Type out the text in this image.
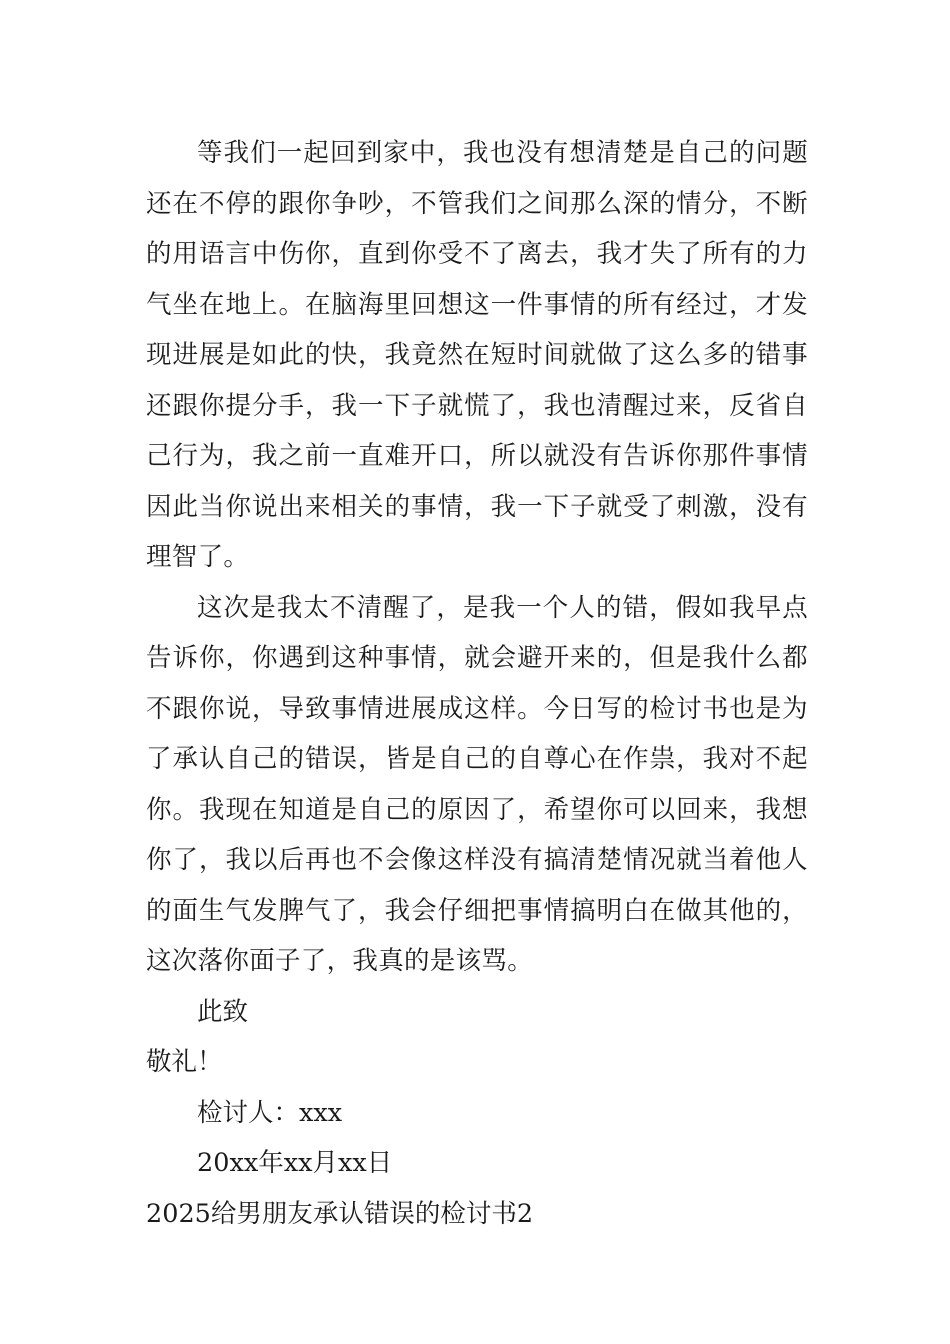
等我们一起回到家中，我也没有想清楚是自己的问题还在不停的跟你争吵，不管我们之间那么深的情分，不断的用语言中伤你，直到你受不了离去，我才失了所有的力气坐在地上。在脑海里回想这一件事情的所有经过，才发现进展是如此的快，我竟然在短时间就做了这么多的错事还跟你提分手，我一下子就慌了，我也清醒过来，反省自己行为，我之前一直难开口，所以就没有告诉你那件事情因此当你说出来相关的事情，我一下子就受了刺激，没有理智了。

这次是我太不清醒了，是我一个人的错，假如我早点告诉你，你遇到这种事情，就会避开来的，但是我什么都不跟你说，导致事情进展成这样。今日写的检讨书也是为了承认自己的错误，皆是自己的自尊心在作祟，我对不起你。我现在知道是自己的原因了，希望你可以回来，我想你了，我以后再也不会像这样没有搞清楚情况就当着他人的面生气发脾气了，我会仔细把事情搞明白在做其他的，这次落你面子了，我真的是该骂。

此致

敬礼！

检讨人：xxx

20xx年xx月xx日

2025给男朋友承认错误的检讨书2
